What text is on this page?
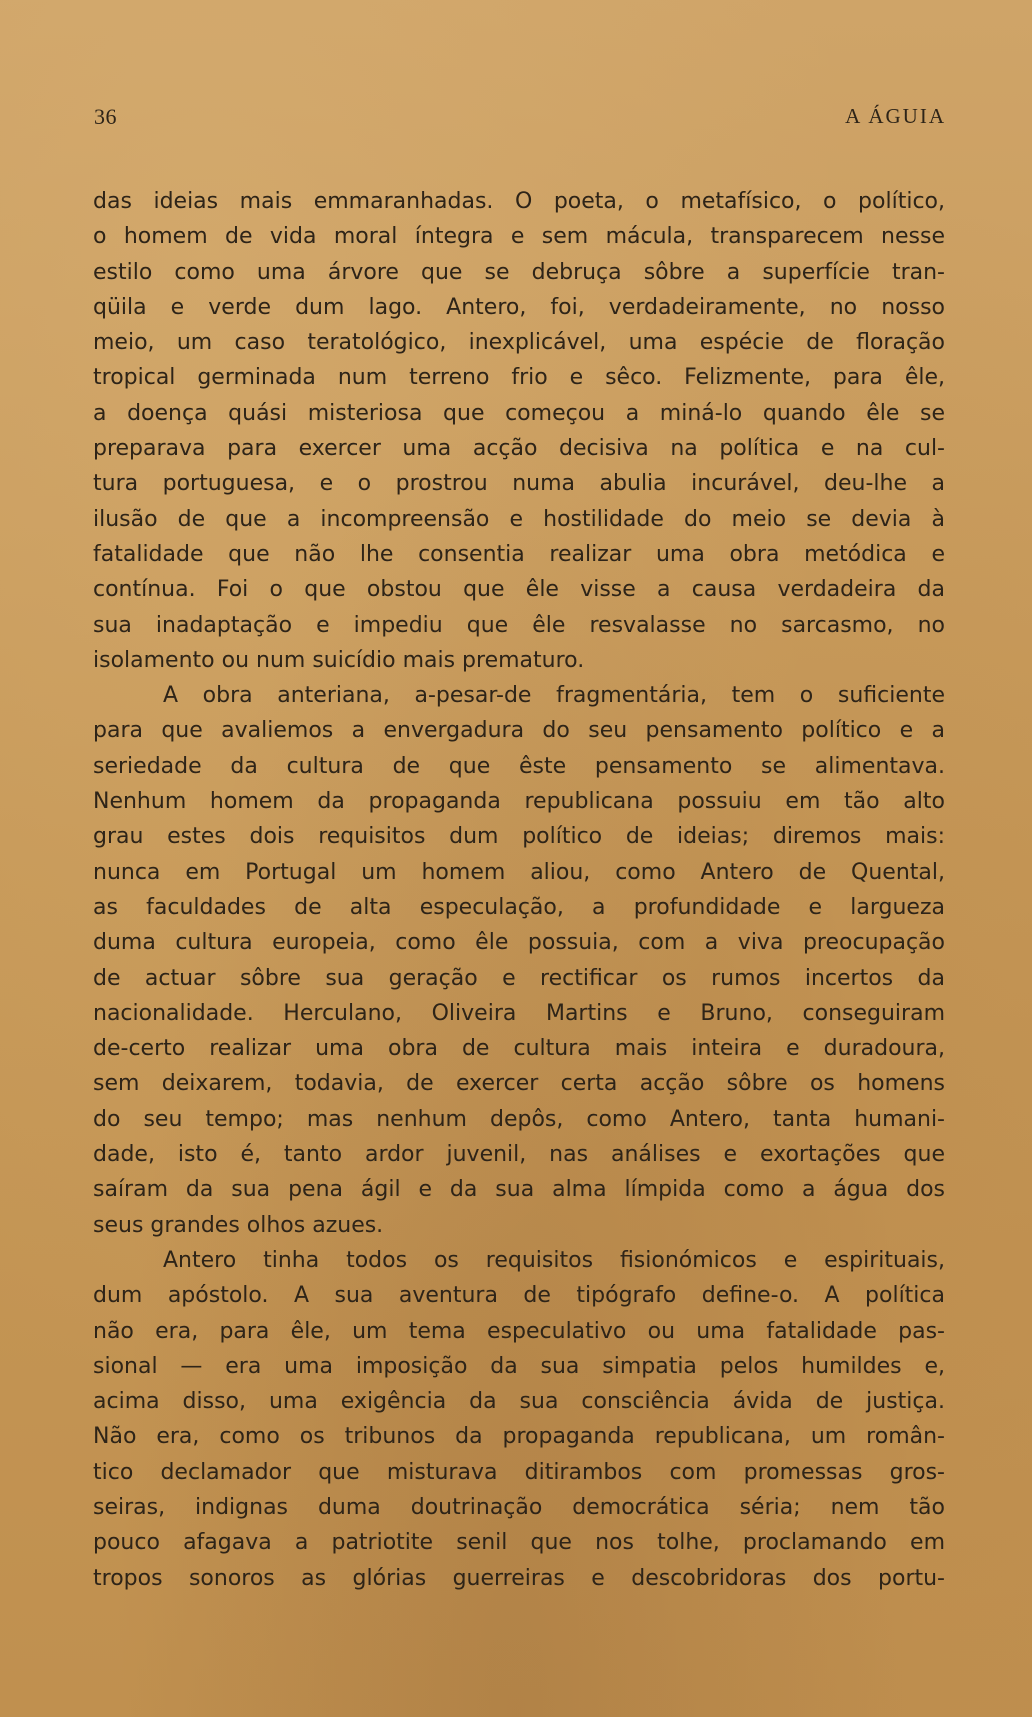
36	A ÁGUIA
das ideias mais emmaranhadas. O poeta, o metafísico, o político,
o homem de vida moral íntegra e sem mácula, transparecem nesse
estilo como uma árvore que se debruça sôbre a superfície tran-
qüila e verde dum lago. Antero, foi, verdadeiramente, no nosso
meio, um caso teratológico, inexplicável, uma espécie de floração
tropical germinada num terreno frio e sêco. Felizmente, para êle,
a doença quási misteriosa que começou a miná-lo quando êle se
preparava para exercer uma acção decisiva na política e na cul-
tura portuguesa, e o prostrou numa abulia incurável, deu-lhe a
ilusão de que a incompreensão e hostilidade do meio se devia à
fatalidade que não lhe consentia realizar uma obra metódica e
contínua. Foi o que obstou que êle visse a causa verdadeira da
sua inadaptação e impediu que êle resvalasse no sarcasmo, no
isolamento ou num suicídio mais prematuro.
A obra anteriana, a-pesar-de fragmentária, tem o suficiente
para que avaliemos a envergadura do seu pensamento político e a
seriedade da cultura de que êste pensamento se alimentava.
Nenhum homem da propaganda republicana possuiu em tão alto
grau estes dois requisitos dum político de ideias; diremos mais:
nunca em Portugal um homem aliou, como Antero de Quental,
as faculdades de alta especulação, a profundidade e largueza
duma cultura europeia, como êle possuia, com a viva preocupação
de actuar sôbre sua geração e rectificar os rumos incertos da
nacionalidade. Herculano, Oliveira Martins e Bruno, conseguiram
de-certo realizar uma obra de cultura mais inteira e duradoura,
sem deixarem, todavia, de exercer certa acção sôbre os homens
do seu tempo; mas nenhum depôs, como Antero, tanta humani-
dade, isto é, tanto ardor juvenil, nas análises e exortações que
saíram da sua pena ágil e da sua alma límpida como a água dos
seus grandes olhos azues.
Antero tinha todos os requisitos fisionómicos e espirituais,
dum apóstolo. A sua aventura de tipógrafo define-o. A política
não era, para êle, um tema especulativo ou uma fatalidade pas-
sional — era uma imposição da sua simpatia pelos humildes e,
acima disso, uma exigência da sua consciência ávida de justiça.
Não era, como os tribunos da propaganda republicana, um român-
tico declamador que misturava ditirambos com promessas gros-
seiras, indignas duma doutrinação democrática séria; nem tão
pouco afagava a patriotite senil que nos tolhe, proclamando em
tropos sonoros as glórias guerreiras e descobridoras dos portu-
